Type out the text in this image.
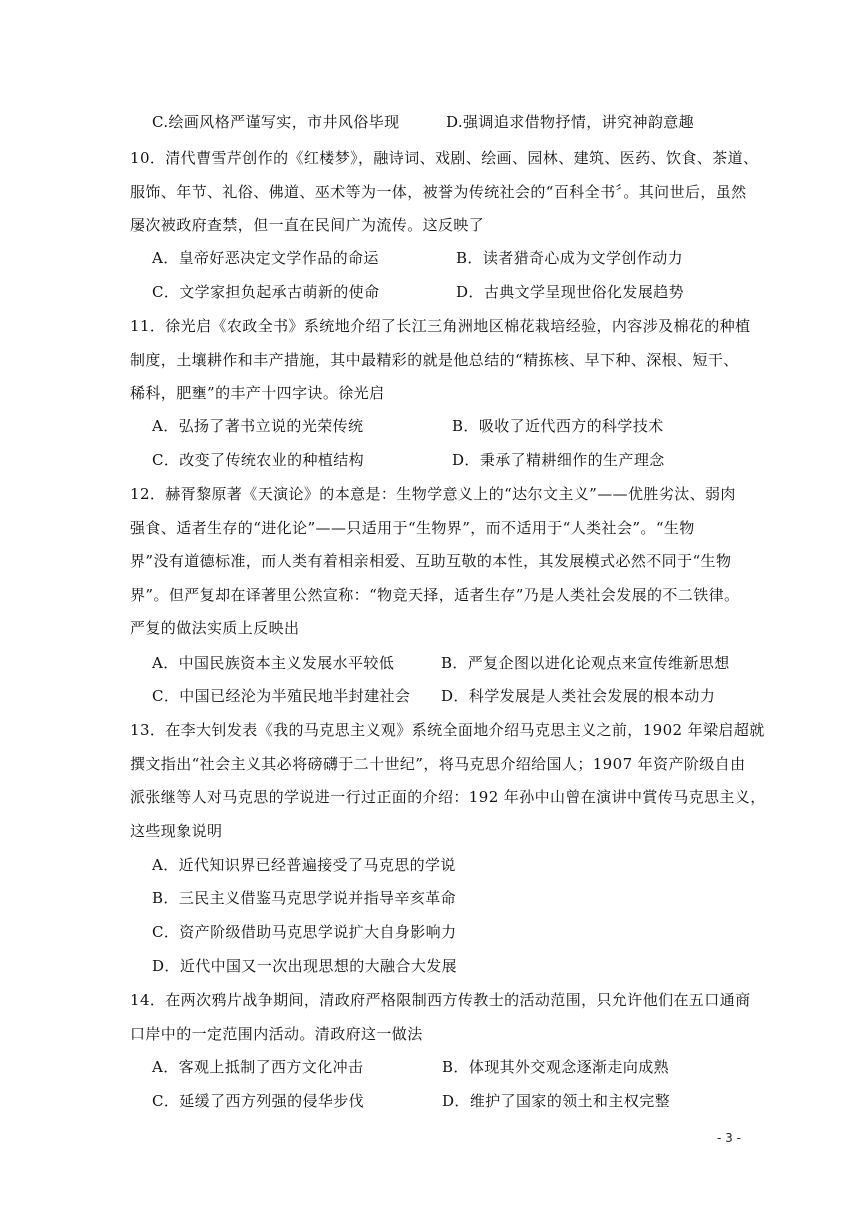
C.绘画风格严谨写实，市井风俗毕现	D.强调追求借物抒情，讲究神韵意趣
10．清代曹雪芹创作的《红楼梦》，融诗词、戏剧、绘画、园林、建筑、医药、饮食、茶道、
服饰、年节、礼俗、佛道、巫术等为一体，被誉为传统社会的“百科全书〞。其问世后，虽然
屡次被政府查禁，但一直在民间广为流传。这反映了
A．皇帝好恶决定文学作品的命运	B．读者猎奇心成为文学创作动力
C．文学家担负起承古萌新的使命	D．古典文学呈现世俗化发展趋势
11．徐光启《农政全书》系统地介绍了长江三角洲地区棉花栽培经验，内容涉及棉花的种植
制度，土壤耕作和丰产措施，其中最精彩的就是他总结的“精拣核、早下种、深根、短干、
稀科，肥壅”的丰产十四字诀。徐光启
A．弘扬了著书立说的光荣传统	B．吸收了近代西方的科学技术
C．改变了传统农业的种植结构	D．秉承了精耕细作的生产理念
12．赫胥黎原著《天演论》的本意是：生物学意义上的“达尔文主义”——优胜劣汰、弱肉
强食、适者生存的“进化论”——只适用于“生物界”，而不适用于“人类社会”。“生物
界”没有道德标准，而人类有着相亲相爱、互助互敬的本性，其发展模式必然不同于“生物
界”。但严复却在译著里公然宣称：“物竞天择，适者生存”乃是人类社会发展的不二铁律。
严复的做法实质上反映出
A．中国民族资本主义发展水平较低	B．严复企图以进化论观点来宣传维新思想
C．中国已经沦为半殖民地半封建社会 D．科学发展是人类社会发展的根本动力
13．在李大钊发表《我的马克思主义观》系统全面地介绍马克思主义之前，1902 年梁启超就
撰文指出“社会主义其必将磅礴于二十世纪”，将马克思介绍给国人；1907 年资产阶级自由
派张继等人对马克思的学说进一行过正面的介绍：192 年孙中山曾在演讲中賞传马克思主义，
这些现象说明
A．近代知识界已经普遍接受了马克思的学说
B．三民主义借鉴马克思学说并指导辛亥革命
C．资产阶级借助马克思学说扩大自身影响力
D．近代中国又一次出现思想的大融合大发展
14．在两次鸦片战争期间，清政府严格限制西方传教士的活动范围，只允许他们在五口通商
口岸中的一定范围内活动。清政府这一做法
A．客观上抵制了西方文化冲击	B．体现其外交观念逐渐走向成熟
C．延缓了西方列强的侵华步伐	D．维护了国家的领土和主权完整
- 3 -
